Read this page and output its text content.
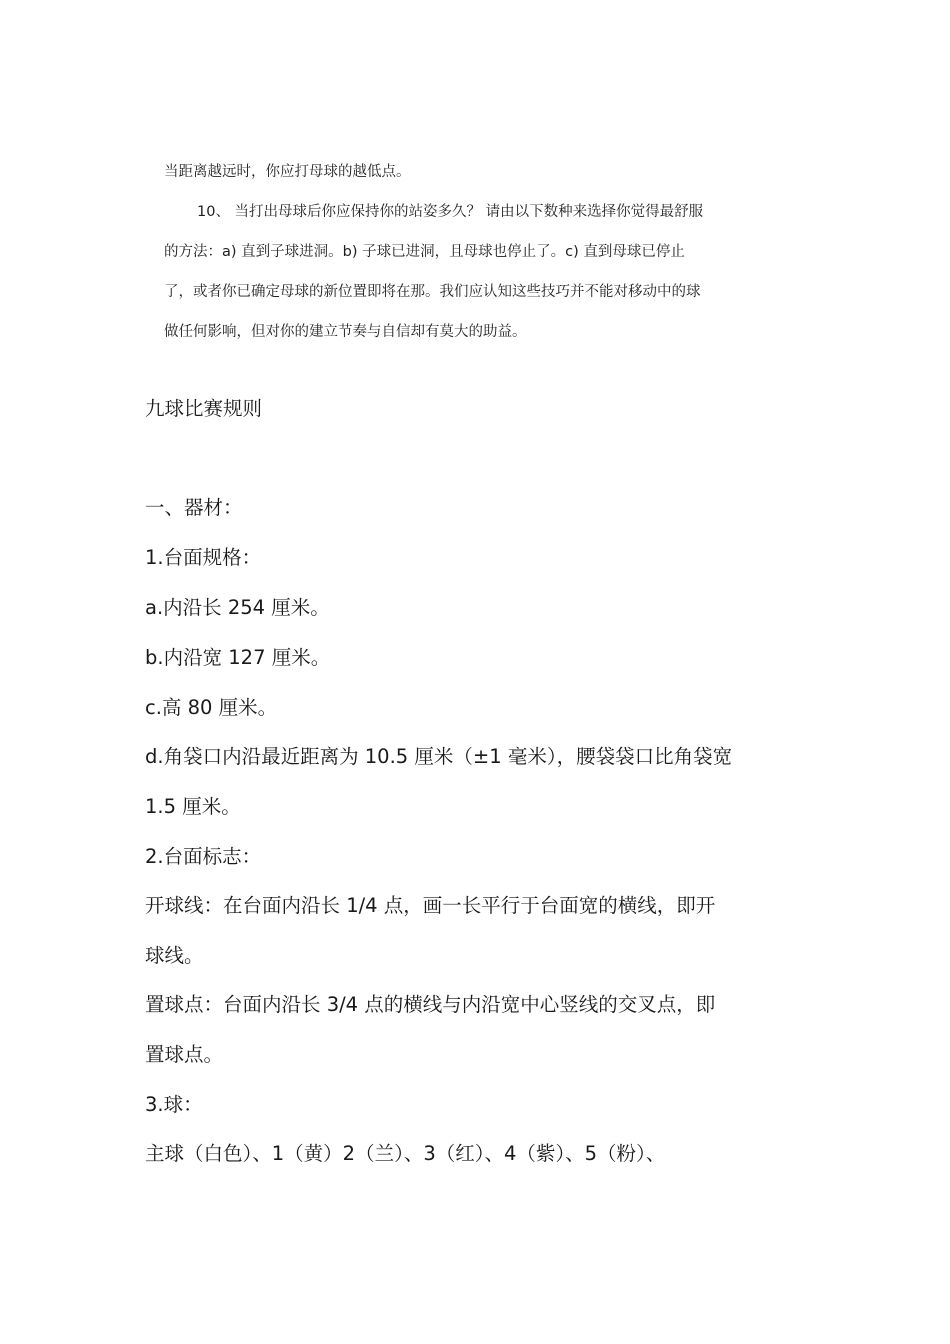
当距离越远时，你应打母球的越低点。
10、 当打出母球后你应保持你的站姿多久？ 请由以下数种来选择你觉得最舒服
的方法：a) 直到子球进洞。b) 子球已进洞，且母球也停止了。c) 直到母球已停止
了，或者你已确定母球的新位置即将在那。我们应认知这些技巧并不能对移动中的球
做任何影响，但对你的建立节奏与自信却有莫大的助益。
九球比赛规则
一、器材：
1.台面规格：
a.内沿长 254 厘米。
b.内沿宽 127 厘米。
c.高 80 厘米。
d.角袋口内沿最近距离为 10.5 厘米（±1 毫米），腰袋袋口比角袋宽
1.5 厘米。
2.台面标志：
开球线：在台面内沿长 1/4 点，画一长平行于台面宽的横线，即开
球线。
置球点：台面内沿长 3/4 点的横线与内沿宽中心竖线的交叉点，即
置球点。
3.球：
主球（白色）、1（黄）2（兰）、3（红）、4（紫）、5（粉）、
